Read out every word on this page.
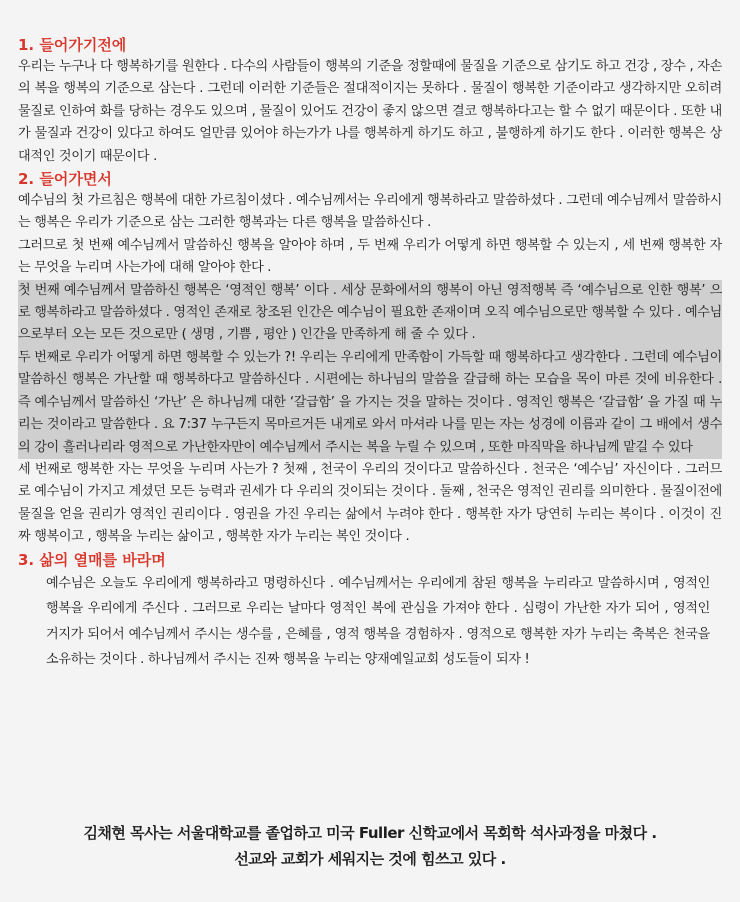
1. 들어가기전에

우리는 누구나 다 행복하기를 원한다 . 다수의 사람들이 행복의 기준을 정할때에 물질을 기준으로 삼기도 하고 건강 , 장수 , 자손의 복을 행복의 기준으로 삼는다 . 그런데 이러한 기준들은 절대적이지는 못하다 . 물질이 행복한 기준이라고 생각하지만 오히려 물질로 인하여 화를 당하는 경우도 있으며 , 물질이 있어도 건강이 좋지 않으면 결코 행복하다고는 할 수 없기 때문이다 . 또한 내가 물질과 건강이 있다고 하여도 얼만큼 있어야 하는가가 나를 행복하게 하기도 하고 , 불행하게 하기도 한다 . 이러한 행복은 상대적인 것이기 때문이다 .

2. 들어가면서

예수님의 첫 가르침은 행복에 대한 가르침이셨다 . 예수님께서는 우리에게 행복하라고 말씀하셨다 . 그런데 예수님께서 말씀하시는 행복은 우리가 기준으로 삼는 그러한 행복과는 다른 행복을 말씀하신다 .

그러므로 첫 번째 예수님께서 말씀하신 행복을 알아야 하며 , 두 번째 우리가 어떻게 하면 행복할 수 있는지 , 세 번째 행복한 자는 무엇을 누리며 사는가에 대해 알아야 한다 .

첫 번째 예수님께서 말씀하신 행복은 ‘영적인 행복’ 이다 . 세상 문화에서의 행복이 아닌 영적행복 즉 ‘예수님으로 인한 행복’ 으로 행복하라고 말씀하셨다 . 영적인 존재로 창조된 인간은 예수님이 필요한 존재이며 오직 예수님으로만 행복할 수 있다 . 예수님으로부터 오는 모든 것으로만 ( 생명 , 기쁨 , 평안 ) 인간을 만족하게 해 줄 수 있다 .

두 번째로 우리가 어떻게 하면 행복할 수 있는가 ?! 우리는 우리에게 만족함이 가득할 때 행복하다고 생각한다 . 그런데 예수님이 말씀하신 행복은 가난할 때 행복하다고 말씀하신다 . 시편에는 하나님의 말씀을 갈급해 하는 모습을 목이 마른 것에 비유한다 . 즉 예수님께서 말씀하신 ‘가난’ 은 하나님께 대한 ‘갈급함’ 을 가지는 것을 말하는 것이다 . 영적인 행복은 ‘갈급함’ 을 가질 때 누리는 것이라고 말씀한다 . 요 7:37 누구든지 목마르거든 내게로 와서 마셔라 나를 믿는 자는 성경에 이름과 같이 그 배에서 생수의 강이 흘러나리라 영적으로 가난한자만이 예수님께서 주시는 복을 누릴 수 있으며 , 또한 마직막을 하나님께 맡길 수 있다

세 번째로 행복한 자는 무엇을 누리며 사는가 ? 첫째 , 천국이 우리의 것이다고 말씀하신다 . 천국은 ‘예수님’ 자신이다 . 그러므로 예수님이 가지고 계셨던 모든 능력과 권세가 다 우리의 것이되는 것이다 . 둘째 , 천국은 영적인 권리를 의미한다 . 물질이전에 물질을 얻을 권리가 영적인 권리이다 . 영권을 가진 우리는 삶에서 누려야 한다 . 행복한 자가 당연히 누리는 복이다 . 이것이 진짜 행복이고 , 행복을 누리는 삶이고 , 행복한 자가 누리는 복인 것이다 .

3. 삶의 열매를 바라며

예수님은 오늘도 우리에게 행복하라고 명령하신다 . 예수님께서는 우리에게 참된 행복을 누리라고 말씀하시며 , 영적인 행복을 우리에게 주신다 . 그러므로 우리는 날마다 영적인 복에 관심을 가져야 한다 . 심령이 가난한 자가 되어 , 영적인 거지가 되어서 예수님께서 주시는 생수를 , 은혜를 , 영적 행복을 경험하자 . 영적으로 행복한 자가 누리는 축복은 천국을 소유하는 것이다 . 하나님께서 주시는 진짜 행복을 누리는 양재예일교회 성도들이 되자 !

김채현 목사는 서울대학교를 졸업하고 미국 Fuller 신학교에서 목회학 석사과정을 마쳤다 .
선교와 교회가 세워지는 것에 힘쓰고 있다 .
